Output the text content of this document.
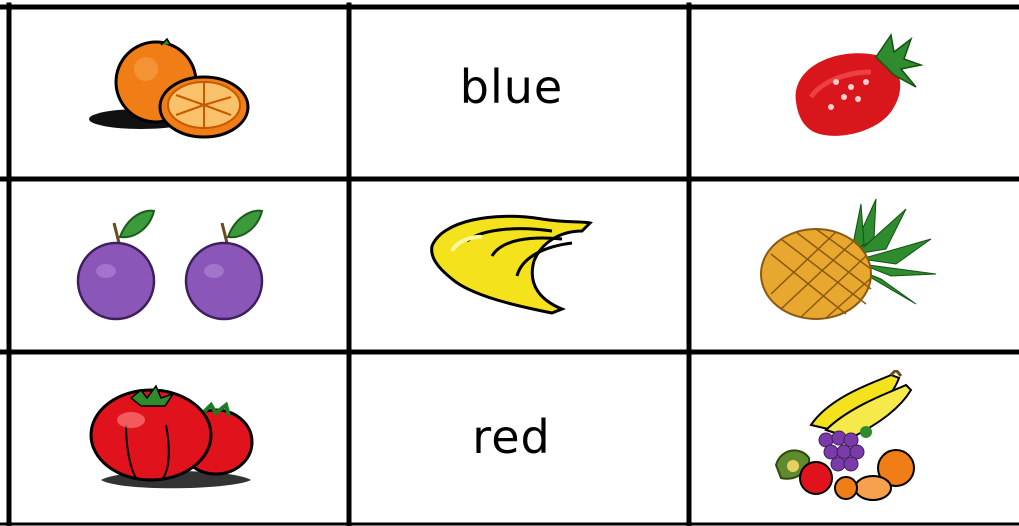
blue
red
